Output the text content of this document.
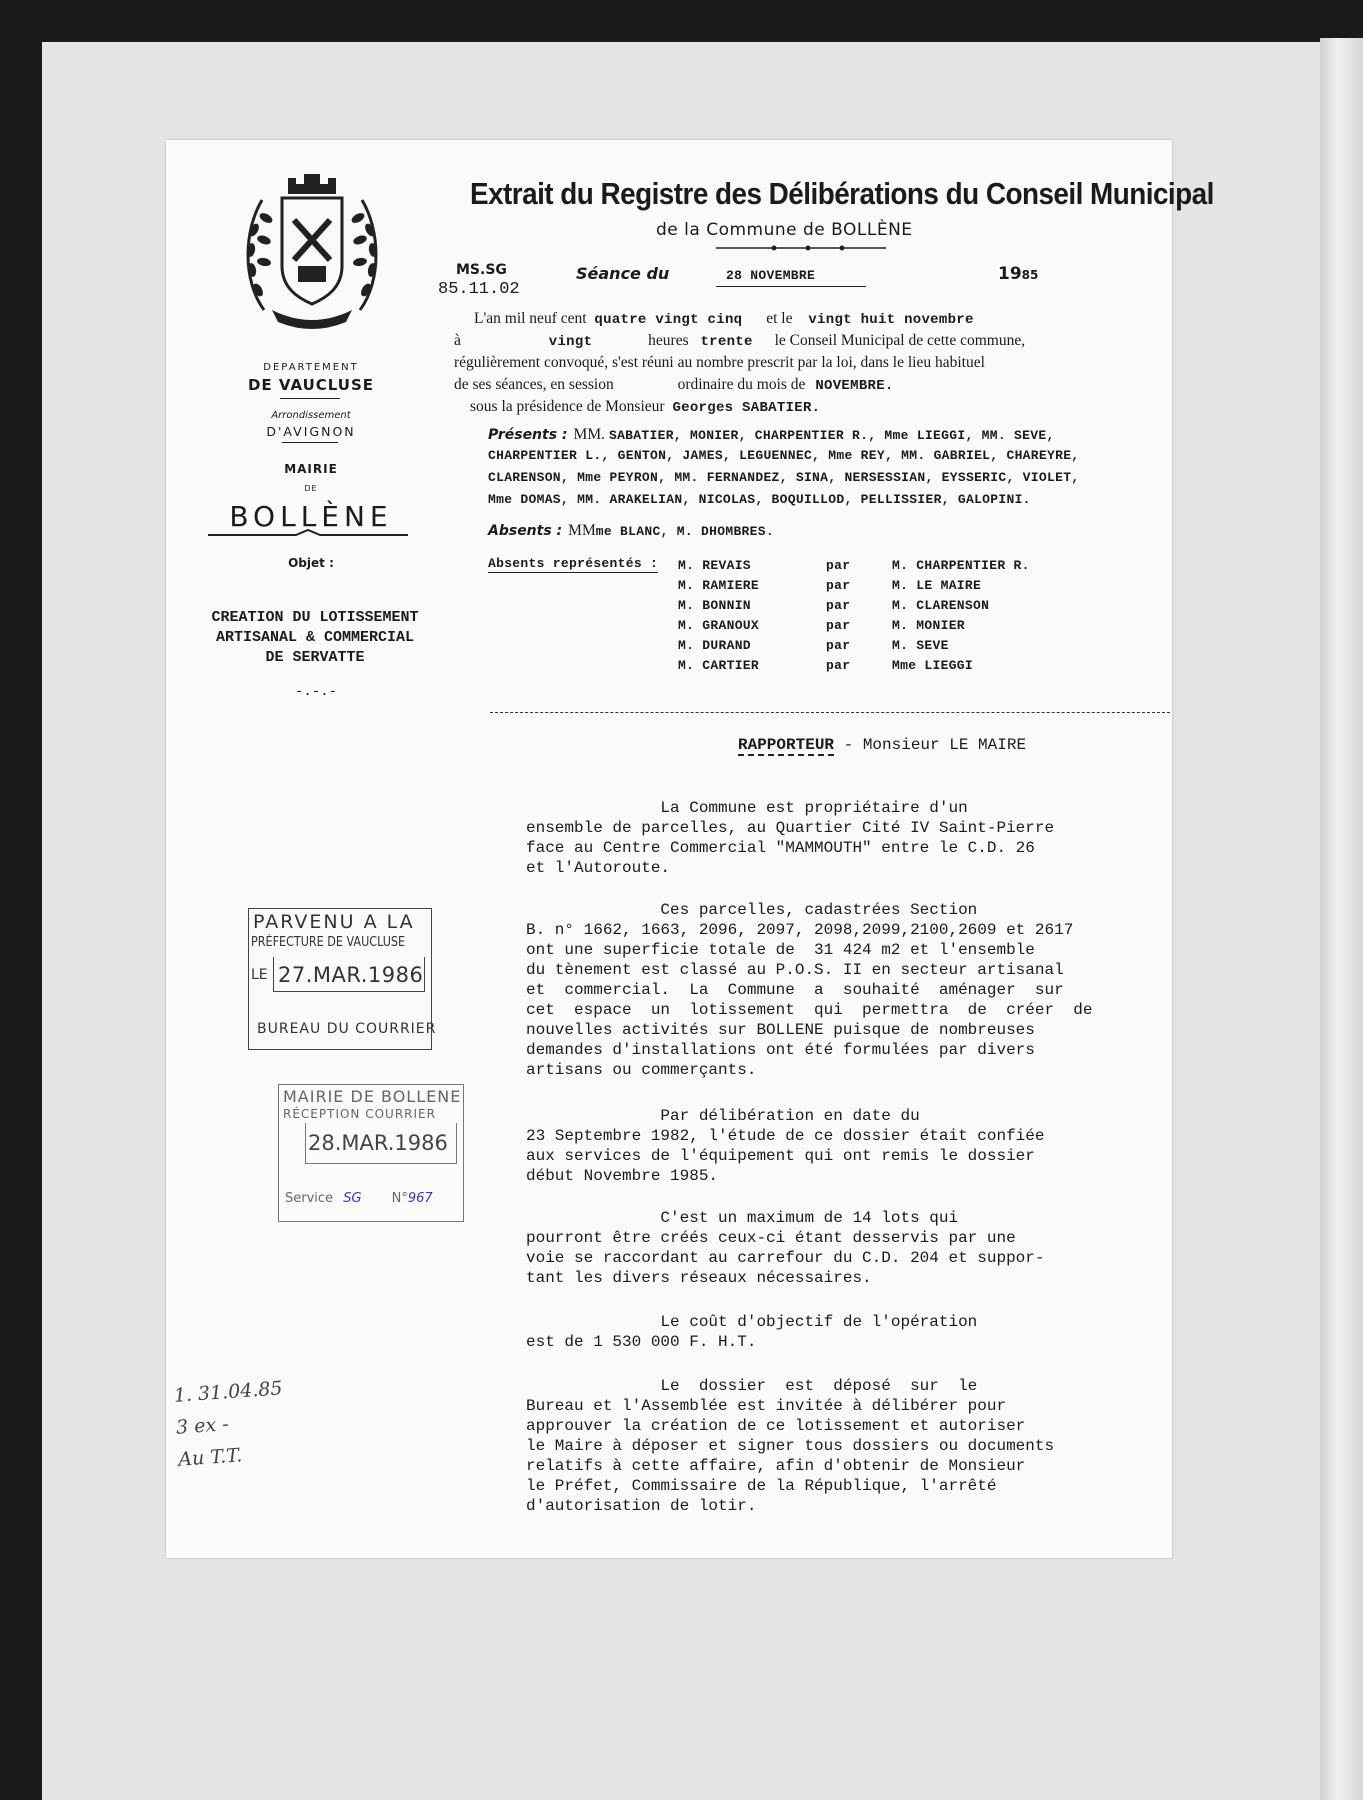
DEPARTEMENT
DE VAUCLUSE
Arrondissement
D'AVIGNON
MAIRIE
DE
BOLLÈNE
Objet :
CREATION DU LOTISSEMENT
ARTISANAL & COMMERCIAL
DE SERVATTE
-.-.-
Extrait du Registre des Délibérations du Conseil Municipal
de la Commune de BOLLÈNE
MS.SG
85.11.02
Séance du	28 NOVEMBRE	1985
L'an mil neuf cent quatre vingt cinq et le vingt huit novembre
à	vingt	heures trente le Conseil Municipal de cette commune,
régulièrement convoqué, s'est réuni au nombre prescrit par la loi, dans le lieu habituel
de ses séances, en session	ordinaire du mois de NOVEMBRE.
sous la présidence de Monsieur Georges SABATIER.
Présents : MM. SABATIER, MONIER, CHARPENTIER R., Mme LIEGGI, MM. SEVE,
CHARPENTIER L., GENTON, JAMES, LEGUENNEC, Mme REY, MM. GABRIEL, CHAREYRE,
CLARENSON, Mme PEYRON, MM. FERNANDEZ, SINA, NERSESSIAN, EYSSERIC, VIOLET,
Mme DOMAS, MM. ARAKELIAN, NICOLAS, BOQUILLOD, PELLISSIER, GALOPINI.
Absents : MMme BLANC, M. DHOMBRES.
Absents représentés : M. REVAIS	par	M. CHARPENTIER R.
M. RAMIERE	par	M. LE MAIRE
M. BONNIN	par	M. CLARENSON
M. GRANOUX	par	M. MONIER
M. DURAND	par	M. SEVE
M. CARTIER	par	Mme LIEGGI
RAPPORTEUR - Monsieur LE MAIRE
La Commune est propriétaire d'un
ensemble de parcelles, au Quartier Cité IV Saint-Pierre
face au Centre Commercial "MAMMOUTH" entre le C.D. 26
et l'Autoroute.
Ces parcelles, cadastrées Section
B. n° 1662, 1663, 2096, 2097, 2098,2099,2100,2609 et 2617
ont une superficie totale de  31 424 m2 et l'ensemble
du tènement est classé au P.O.S. II en secteur artisanal
et  commercial.  La  Commune  a  souhaité  aménager  sur
cet  espace  un  lotissement  qui  permettra  de  créer  de
nouvelles activités sur BOLLENE puisque de nombreuses
demandes d'installations ont été formulées par divers
artisans ou commerçants.
Par délibération en date du
23 Septembre 1982, l'étude de ce dossier était confiée
aux services de l'équipement qui ont remis le dossier
début Novembre 1985.
C'est un maximum de 14 lots qui
pourront être créés ceux-ci étant desservis par une
voie se raccordant au carrefour du C.D. 204 et suppor-
tant les divers réseaux nécessaires.
Le coût d'objectif de l'opération
est de 1 530 000 F. H.T.
Le  dossier  est  déposé  sur  le
Bureau et l'Assemblée est invitée à délibérer pour
approuver la création de ce lotissement et autoriser
le Maire à déposer et signer tous dossiers ou documents
relatifs à cette affaire, afin d'obtenir de Monsieur
le Préfet, Commissaire de la République, l'arrêté
d'autorisation de lotir.
PARVENU A LA
PRÉFECTURE DE VAUCLUSE
LE 27.MAR.1986
BUREAU DU COURRIER
MAIRIE DE BOLLENE
RÉCEPTION COURRIER
28.MAR.1986
Service SG N°967
1. 31.04.85
3 ex -
Au T.T.
